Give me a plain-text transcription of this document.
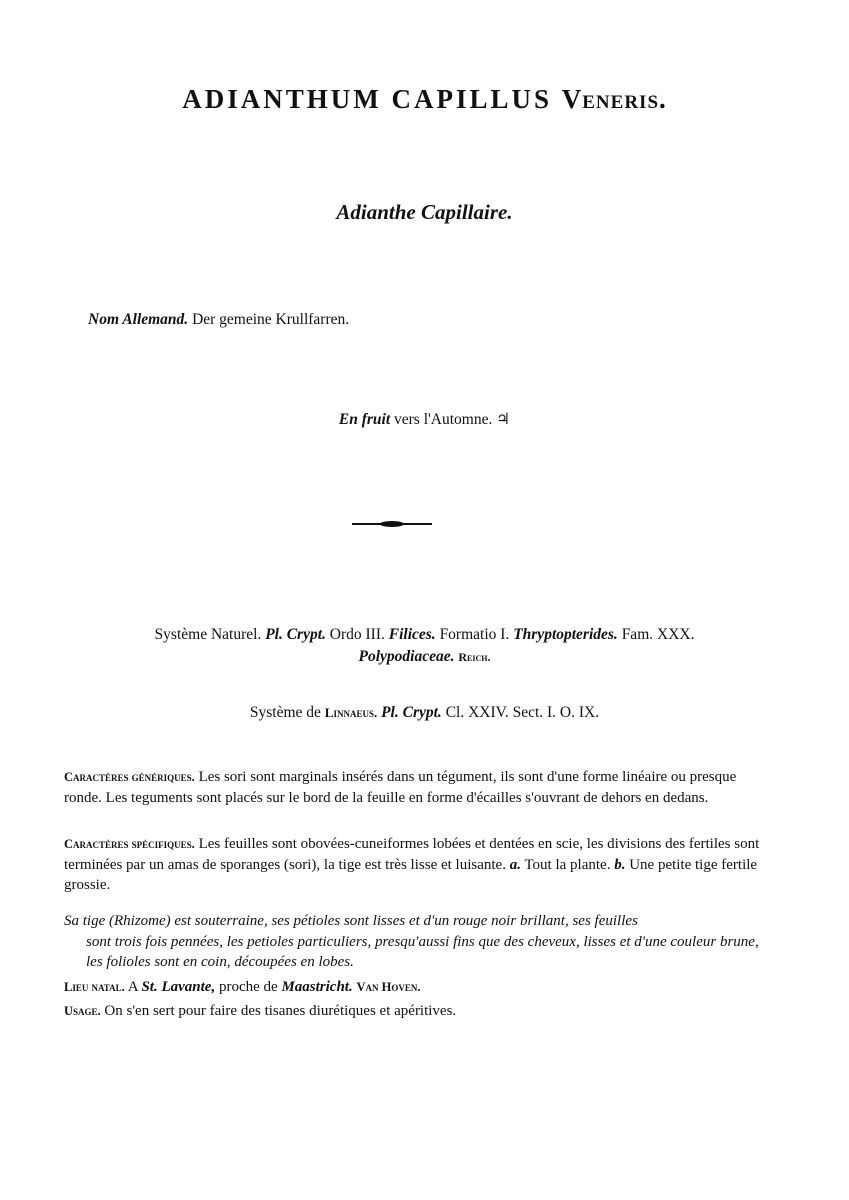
ADIANTHUM CAPILLUS Veneris.
Adianthe Capillaire.
Nom Allemand. Der gemeine Krullfarren.
En fruit vers l'Automne. ♃
Système Naturel. Pl. Crypt. Ordo III. Filices. Formatio I. Thryptopterides. Fam. XXX.
Polypodiaceae. Reich.
Système de Linnaeus. Pl. Crypt. Cl. XXIV. Sect. I. O. IX.
Caractères génériques. Les sori sont marginals insérés dans un tégument, ils sont d'une forme linéaire ou presque ronde. Les teguments sont placés sur le bord de la feuille en forme d'écailles s'ouvrant de dehors en dedans.
Caractères spécifiques. Les feuilles sont obovées-cuneiformes lobées et dentées en scie, les divisions des fertiles sont terminées par un amas de sporanges (sori), la tige est très lisse et luisante. a. Tout la plante. b. Une petite tige fertile grossie.
Sa tige (Rhizome) est souterraine, ses pétioles sont lisses et d'un rouge noir brillant, ses feuilles
sont trois fois pennées, les petioles particuliers, presqu'aussi fins que des cheveux, lisses et d'une couleur brune, les folioles sont en coin, découpées en lobes.
Lieu natal. A St. Lavante, proche de Maastricht. Van Hoven.
Usage. On s'en sert pour faire des tisanes diurétiques et apéritives.
